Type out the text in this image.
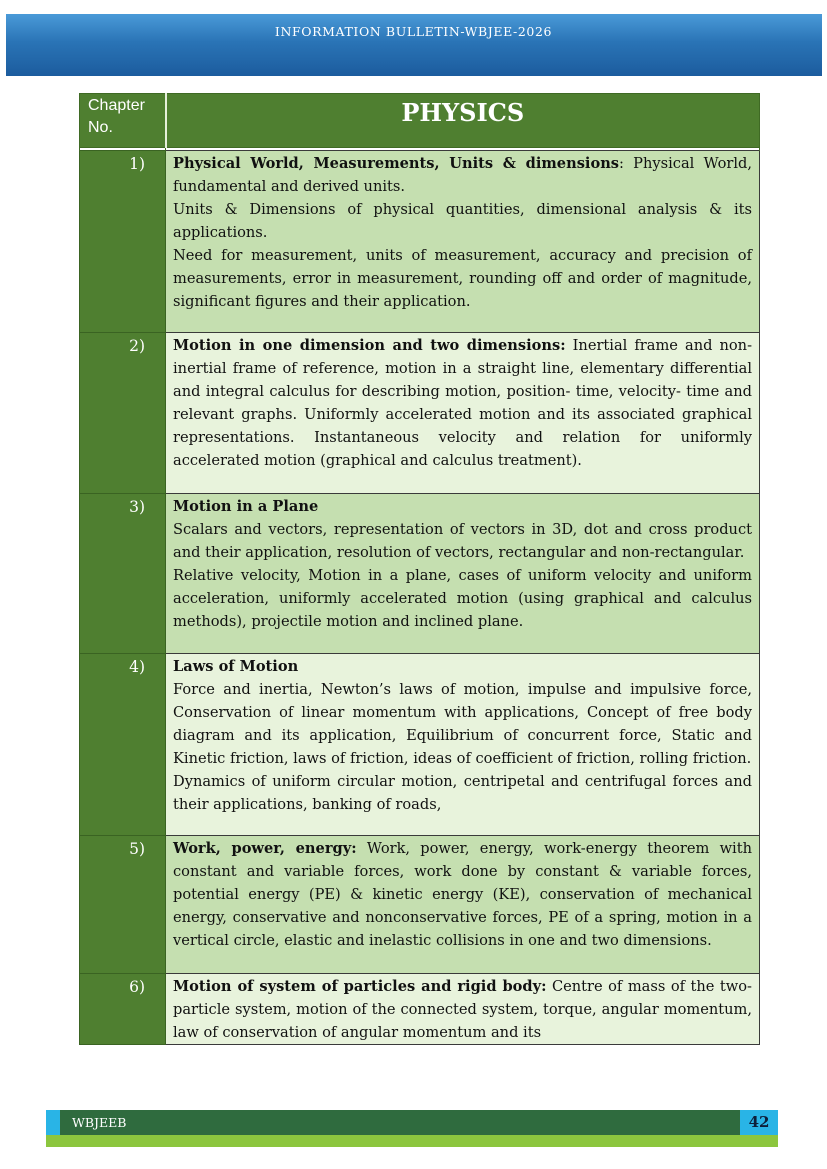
INFORMATION BULLETIN-WBJEE-2026
Chapter No.	PHYSICS

1)	Physical World, Measurements, Units & dimensions: Physical World, fundamental and derived units.
Units & Dimensions of physical quantities, dimensional analysis & its applications.
Need for measurement, units of measurement, accuracy and precision of measurements, error in measurement, rounding off and order of magnitude, significant figures and their application.

2)	Motion in one dimension and two dimensions: Inertial frame and non-inertial frame of reference, motion in a straight line, elementary differential and integral calculus for describing motion, position- time, velocity- time and relevant graphs. Uniformly accelerated motion and its associated graphical representations. Instantaneous velocity and relation for uniformly accelerated motion (graphical and calculus treatment).

3)	Motion in a Plane
Scalars and vectors, representation of vectors in 3D, dot and cross product and their application, resolution of vectors, rectangular and non-rectangular.
Relative velocity, Motion in a plane, cases of uniform velocity and uniform acceleration, uniformly accelerated motion (using graphical and calculus methods), projectile motion and inclined plane.

4)	Laws of Motion
Force and inertia, Newton’s laws of motion, impulse and impulsive force, Conservation of linear momentum with applications, Concept of free body diagram and its application, Equilibrium of concurrent force, Static and Kinetic friction, laws of friction, ideas of coefficient of friction, rolling friction.
Dynamics of uniform circular motion, centripetal and centrifugal forces and their applications, banking of roads,

5)	Work, power, energy: Work, power, energy, work-energy theorem with constant and variable forces, work done by constant & variable forces, potential energy (PE) & kinetic energy (KE), conservation of mechanical energy, conservative and nonconservative forces, PE of a spring, motion in a vertical circle, elastic and inelastic collisions in one and two dimensions.

6)	Motion of system of particles and rigid body: Centre of mass of the two- particle system, motion of the connected system, torque, angular momentum, law of conservation of angular momentum and its
WBJEEB	42
